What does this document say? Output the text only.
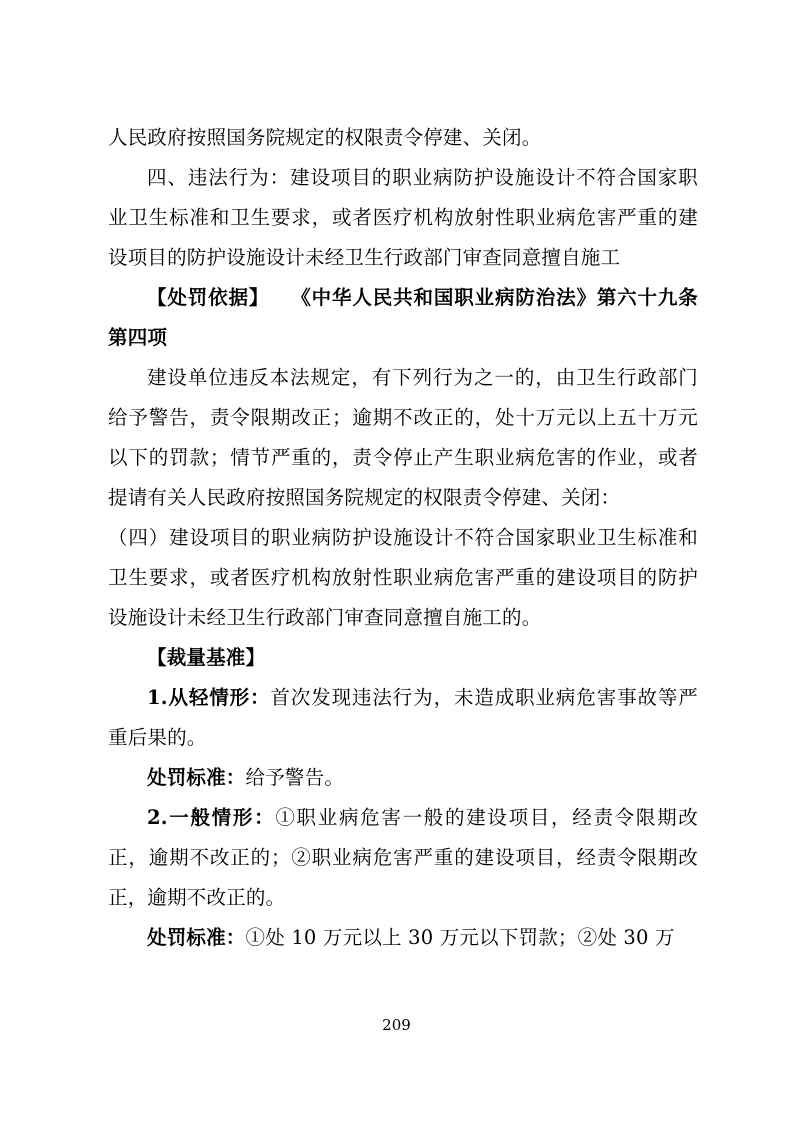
人民政府按照国务院规定的权限责令停建、关闭。

四、违法行为：建设项目的职业病防护设施设计不符合国家职业卫生标准和卫生要求，或者医疗机构放射性职业病危害严重的建设项目的防护设施设计未经卫生行政部门审查同意擅自施工

【处罚依据】 《中华人民共和国职业病防治法》第六十九条第四项

建设单位违反本法规定，有下列行为之一的，由卫生行政部门给予警告，责令限期改正；逾期不改正的，处十万元以上五十万元以下的罚款；情节严重的，责令停止产生职业病危害的作业，或者提请有关人民政府按照国务院规定的权限责令停建、关闭：

（四）建设项目的职业病防护设施设计不符合国家职业卫生标准和卫生要求，或者医疗机构放射性职业病危害严重的建设项目的防护设施设计未经卫生行政部门审查同意擅自施工的。

【裁量基准】

1.从轻情形：首次发现违法行为，未造成职业病危害事故等严重后果的。

处罚标准：给予警告。

2.一般情形：①职业病危害一般的建设项目，经责令限期改正，逾期不改正的；②职业病危害严重的建设项目，经责令限期改正，逾期不改正的。

处罚标准：①处 10 万元以上 30 万元以下罚款；②处 30 万

209
